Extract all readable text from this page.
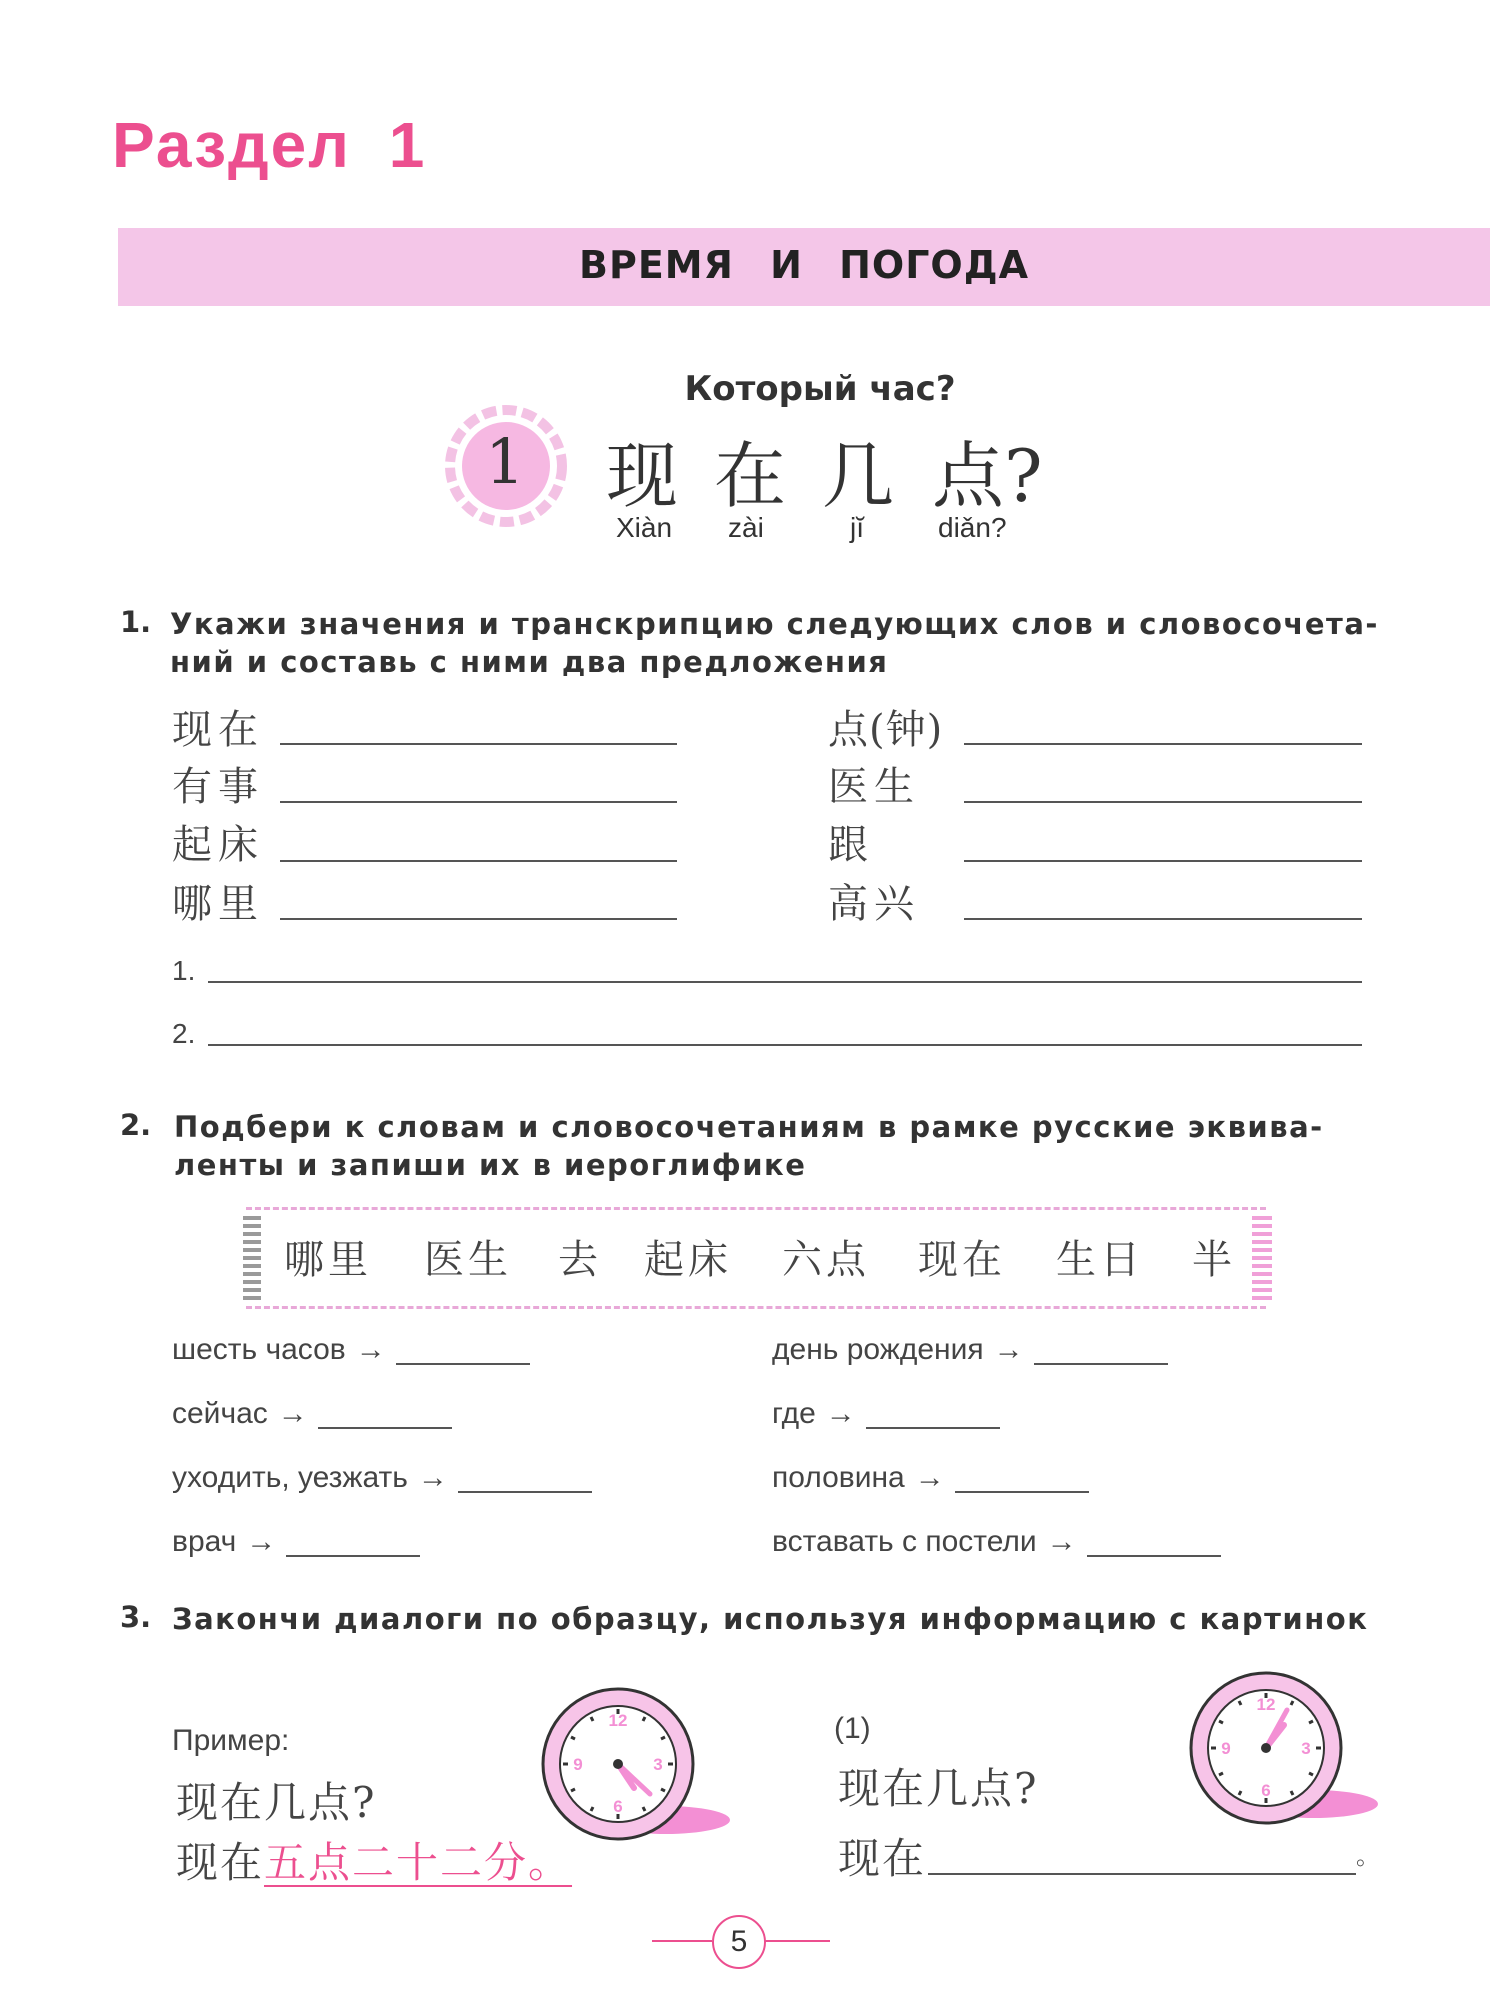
Раздел 1
ВРЕМЯ И ПОГОДА
Который час?
1 现 在 几 点?
Xiàn zài	jĭ	diǎn?
1. Укажи значения и транскрипцию следующих слов и словосочета-
ний и составь с ними два предложения
现在
有事
起床
哪里
点(钟)
医生
跟
高兴
1.
2.
2. Подбери к словам и словосочетаниям в рамке русские эквива-
ленты и запиши их в иероглифике
哪里 医生 去 起床 六点 现在 生日 半
шесть часов →
сейчас →
уходить, уезжать →
врач →
день рождения →
где →
половина →
вставать с постели →
3. Закончи диалоги по образцу, используя информацию с картинок
Пример:
现在几点?
现在五点二十二分。
(1)
现在几点?
现在	。
12
3
6
9
12
3
6
9
5
